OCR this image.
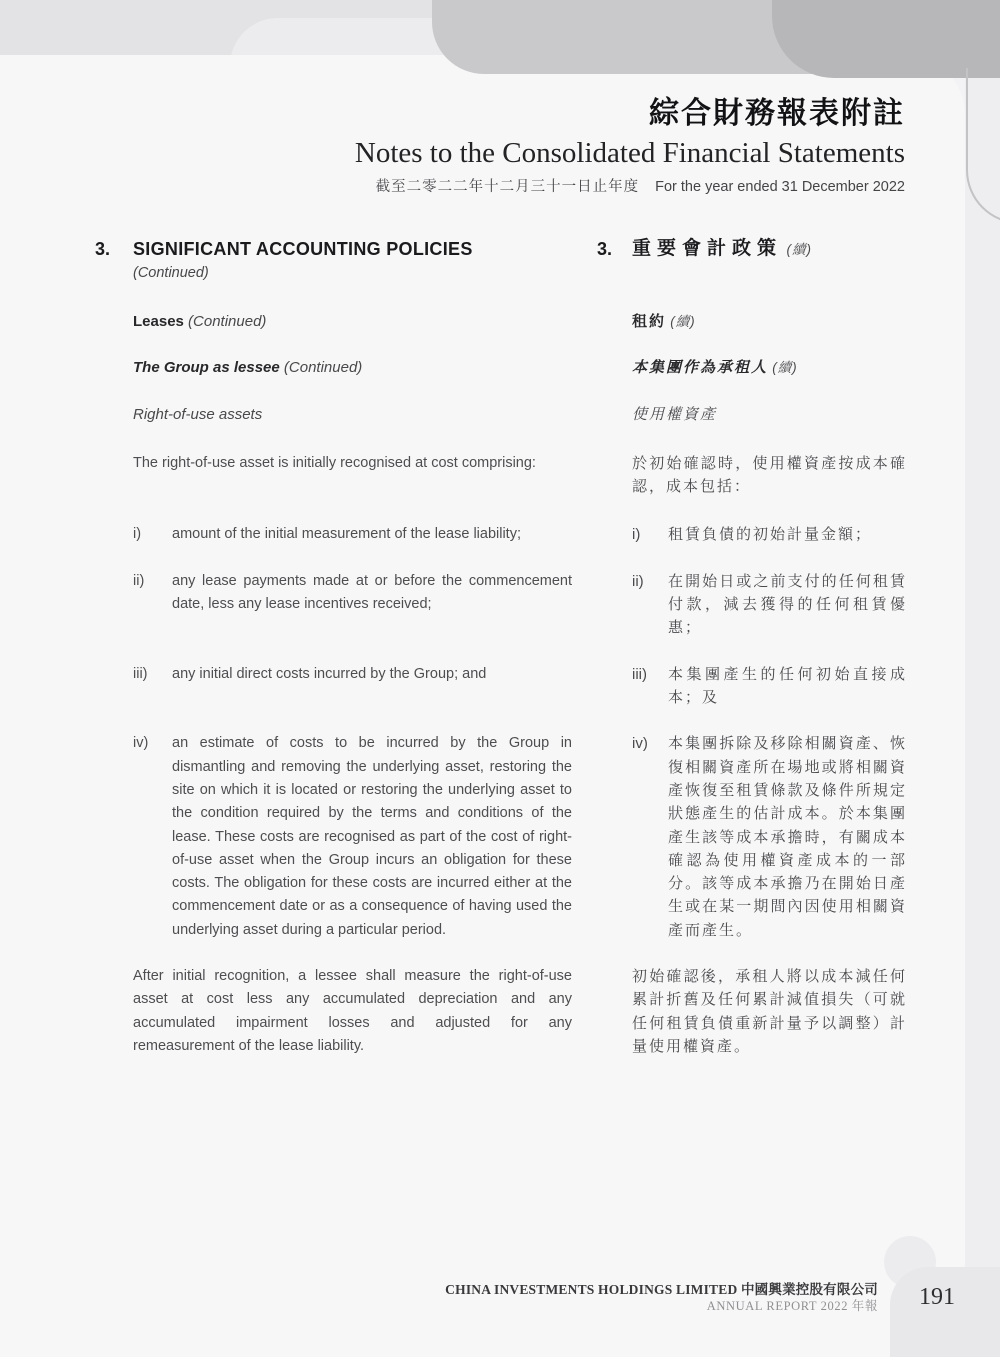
綜合財務報表附註
Notes to the Consolidated Financial Statements
截至二零二二年十二月三十一日止年度 For the year ended 31 December 2022
3.	SIGNIFICANT ACCOUNTING POLICIES
(Continued)
3.	重要會計政策 (續)
Leases (Continued)	租約 (續)
The Group as lessee (Continued)	本集團作為承租人 (續)
Right-of-use assets	使用權資產
The right-of-use asset is initially recognised at cost comprising:	於初始確認時，使用權資產按成本確認，成本包括：
i)	amount of the initial measurement of the lease liability;	i)	租賃負債的初始計量金額；
ii)	any lease payments made at or before the commencement date, less any lease incentives received;
ii)	在開始日或之前支付的任何租賃付款，減去獲得的任何租賃優惠；
iii)	any initial direct costs incurred by the Group; and	iii)	本集團產生的任何初始直接成本；及
iv)	an estimate of costs to be incurred by the Group in dismantling and removing the underlying asset, restoring the site on which it is located or restoring the underlying asset to the condition required by the terms and conditions of the lease. These costs are recognised as part of the cost of right-of-use asset when the Group incurs an obligation for these costs. The obligation for these costs are incurred either at the commencement date or as a consequence of having used the underlying asset during a particular period.
iv)	本集團拆除及移除相關資產、恢復相關資產所在場地或將相關資產恢復至租賃條款及條件所規定狀態產生的估計成本。於本集團產生該等成本承擔時，有關成本確認為使用權資產成本的一部分。該等成本承擔乃在開始日產生或在某一期間內因使用相關資產而產生。
After initial recognition, a lessee shall measure the right-of-use asset at cost less any accumulated depreciation and any accumulated impairment losses and adjusted for any remeasurement of the lease liability.
初始確認後，承租人將以成本減任何累計折舊及任何累計減值損失（可就任何租賃負債重新計量予以調整）計量使用權資產。
CHINA INVESTMENTS HOLDINGS LIMITED 中國興業控股有限公司
ANNUAL REPORT 2022 年報	191
